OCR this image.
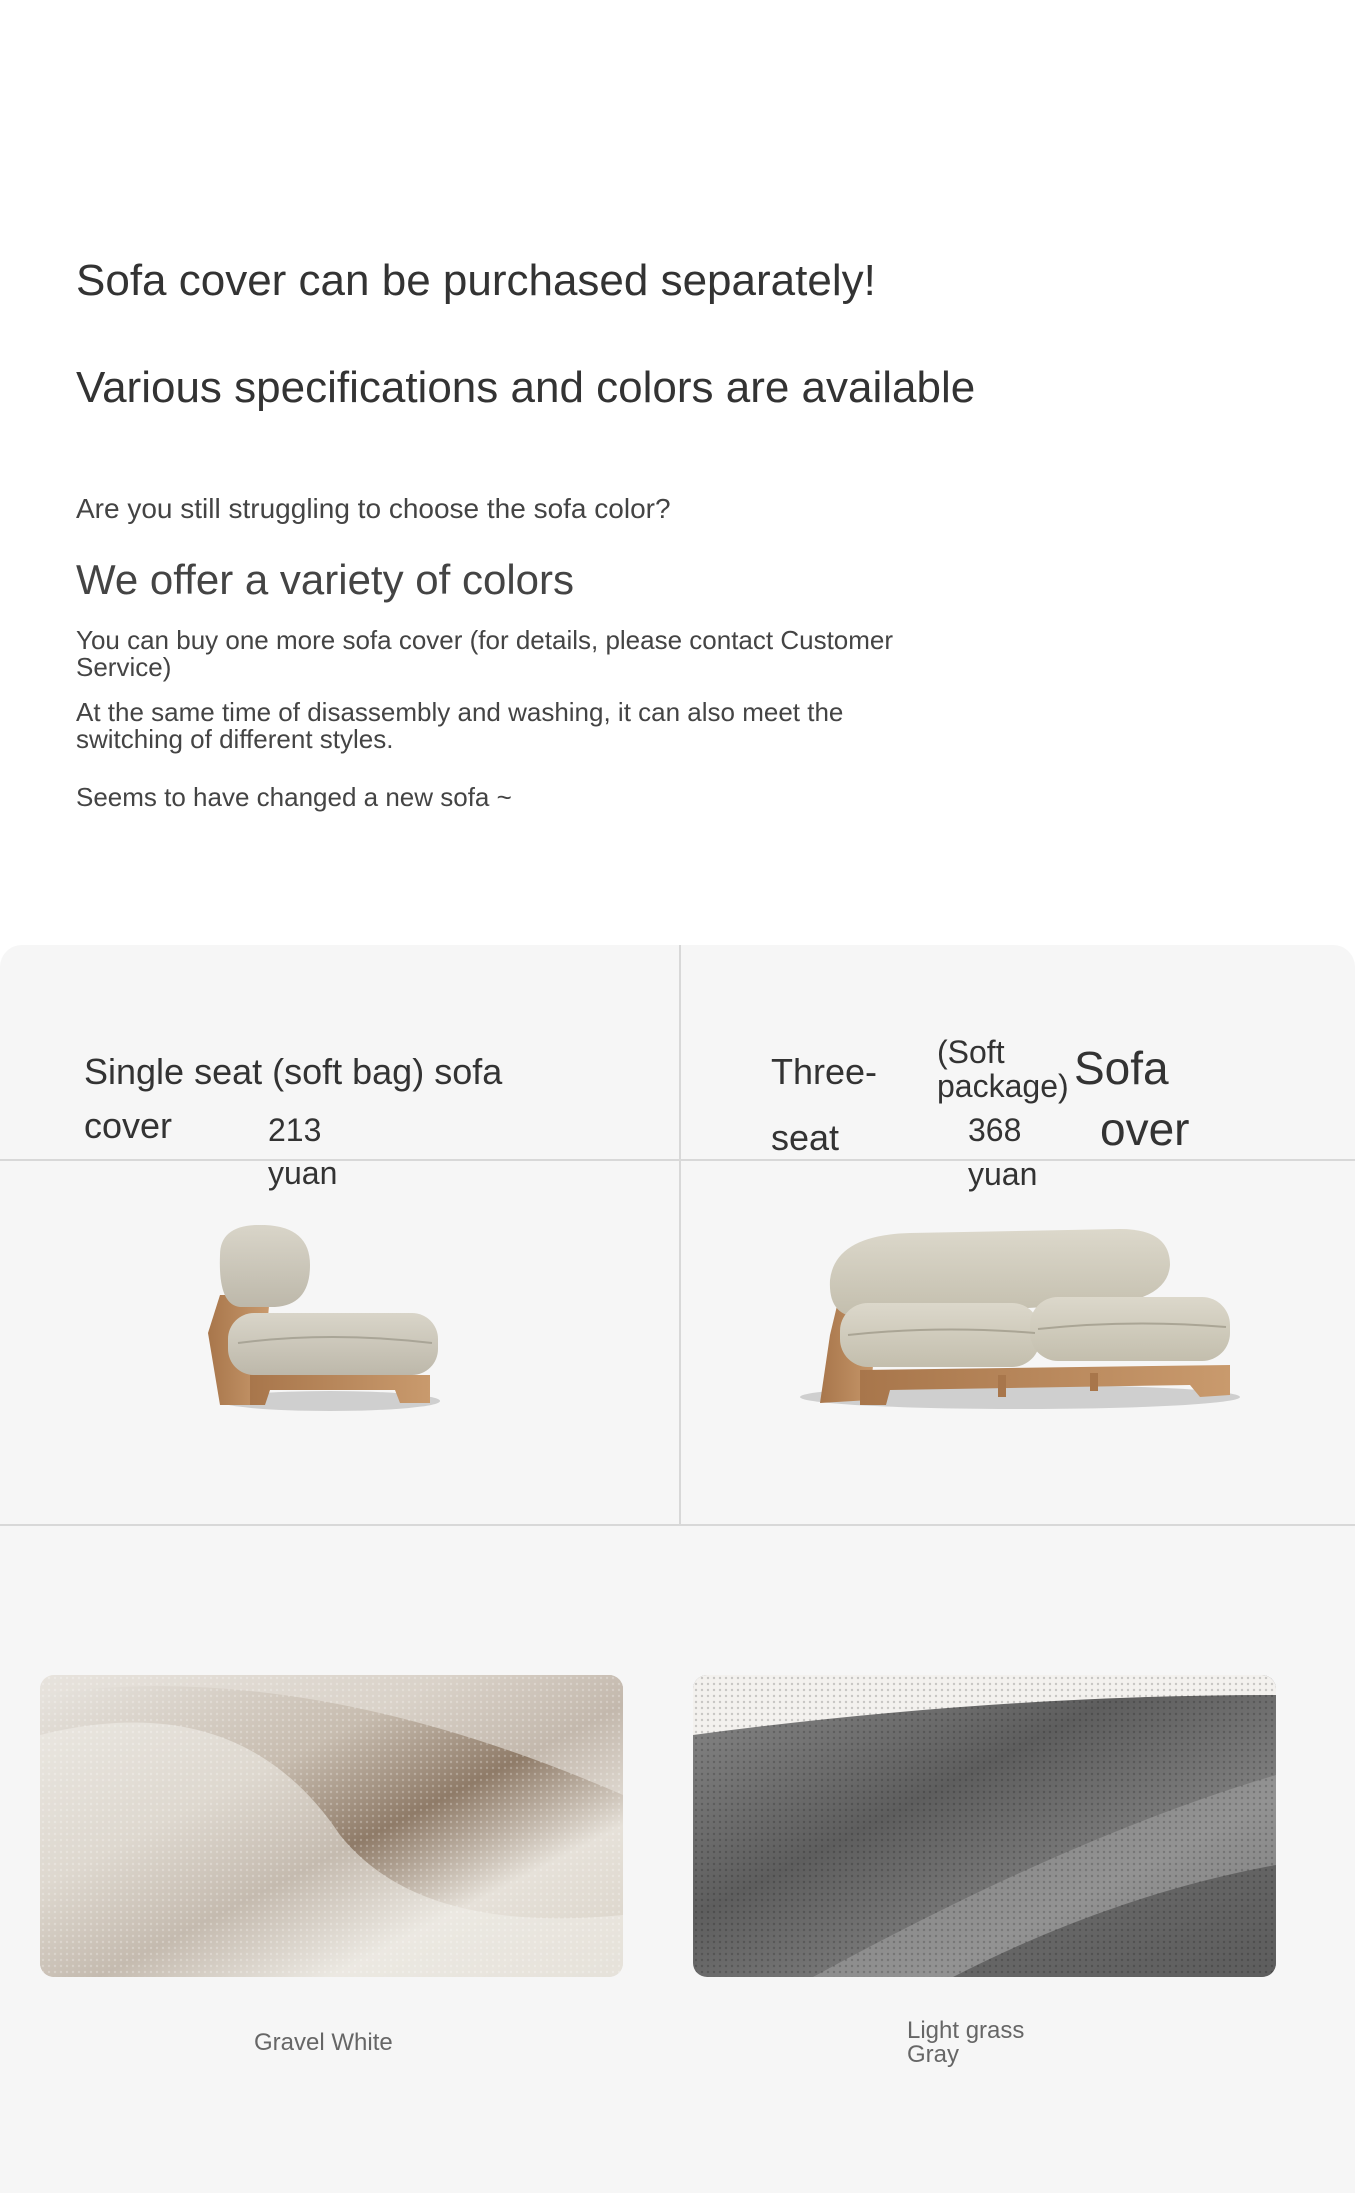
Sofa cover can be purchased separately!
Various specifications and colors are available
Are you still struggling to choose the sofa color?
We offer a variety of colors
You can buy one more sofa cover (for details, please contact Customer Service)
At the same time of disassembly and washing, it can also meet the switching of different styles.
Seems to have changed a new sofa ~
Single seat (soft bag) sofa
cover	213
yuan
Three-
seat
(Soft
package)
368
yuan
Sofa
over
Gravel White	Light grass
Gray
